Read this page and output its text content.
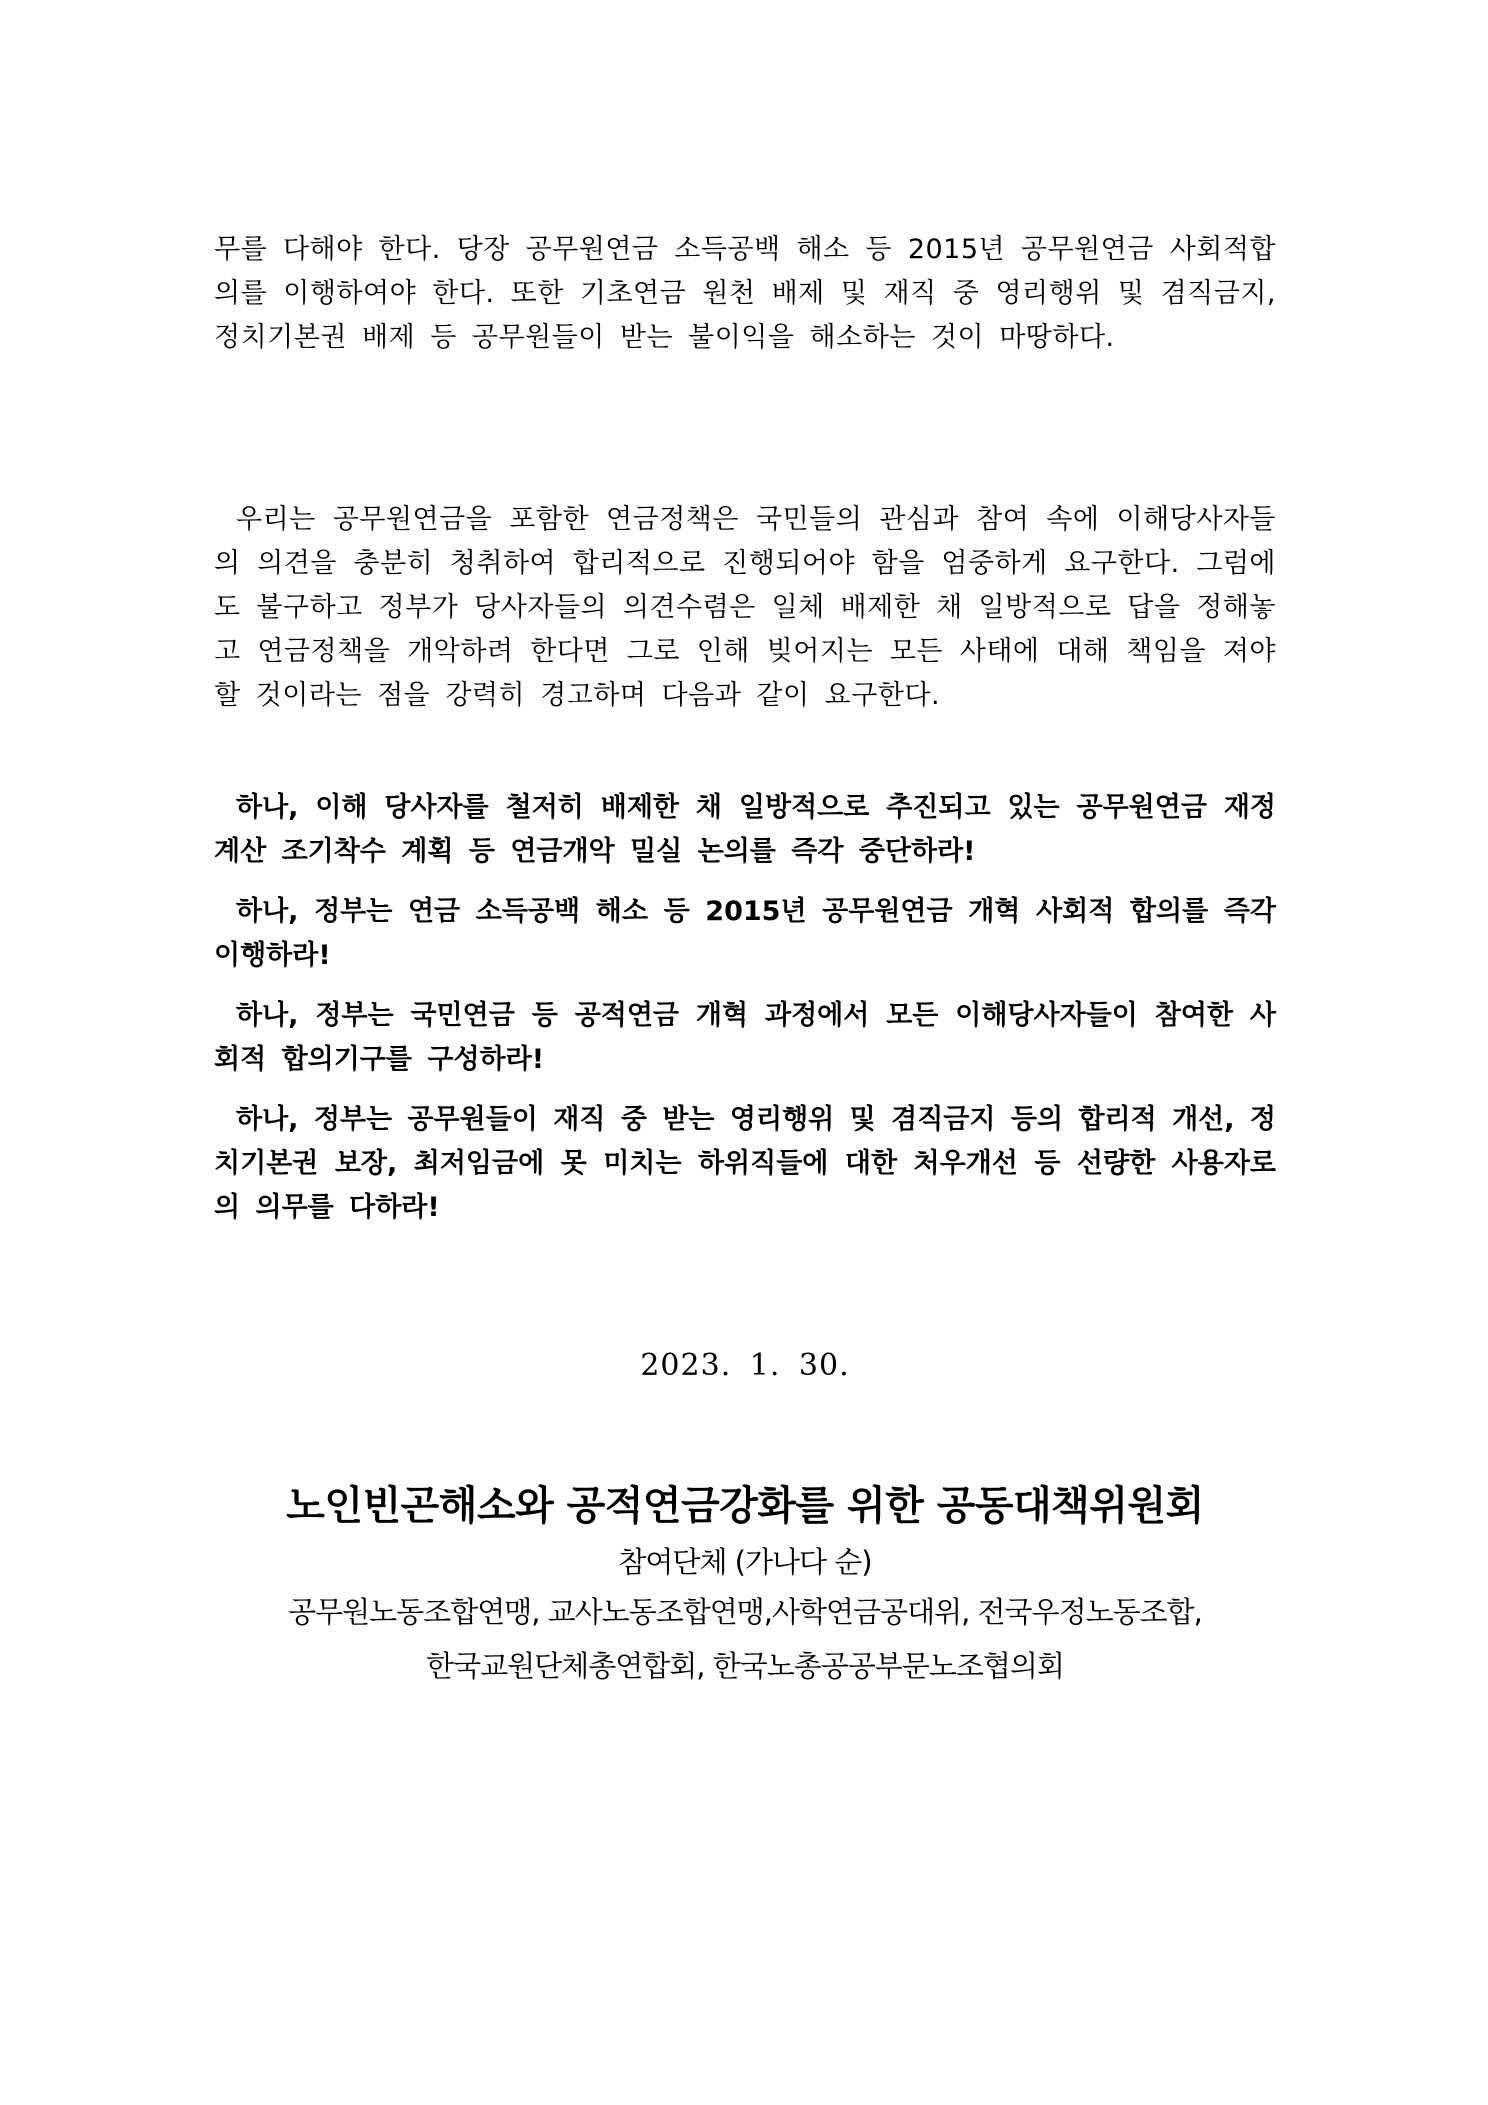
무를 다해야 한다. 당장 공무원연금 소득공백 해소 등 2015년 공무원연금 사회적합의를 이행하여야 한다. 또한 기초연금 원천 배제 및 재직 중 영리행위 및 겸직금지, 정치기본권 배제 등 공무원들이 받는 불이익을 해소하는 것이 마땅하다.

우리는 공무원연금을 포함한 연금정책은 국민들의 관심과 참여 속에 이해당사자들의 의견을 충분히 청취하여 합리적으로 진행되어야 함을 엄중하게 요구한다. 그럼에도 불구하고 정부가 당사자들의 의견수렴은 일체 배제한 채 일방적으로 답을 정해놓고 연금정책을 개악하려 한다면 그로 인해 빚어지는 모든 사태에 대해 책임을 져야 할 것이라는 점을 강력히 경고하며 다음과 같이 요구한다.

하나, 이해 당사자를 철저히 배제한 채 일방적으로 추진되고 있는 공무원연금 재정계산 조기착수 계획 등 연금개악 밀실 논의를 즉각 중단하라!

하나, 정부는 연금 소득공백 해소 등 2015년 공무원연금 개혁 사회적 합의를 즉각 이행하라!

하나, 정부는 국민연금 등 공적연금 개혁 과정에서 모든 이해당사자들이 참여한 사회적 합의기구를 구성하라!

하나, 정부는 공무원들이 재직 중 받는 영리행위 및 겸직금지 등의 합리적 개선, 정치기본권 보장, 최저임금에 못 미치는 하위직들에 대한 처우개선 등 선량한 사용자로의 의무를 다하라!

2023. 1. 30.
노인빈곤해소와 공적연금강화를 위한 공동대책위원회
참여단체 (가나다 순)
공무원노동조합연맹, 교사노동조합연맹,사학연금공대위, 전국우정노동조합,
한국교원단체총연합회, 한국노총공공부문노조협의회
